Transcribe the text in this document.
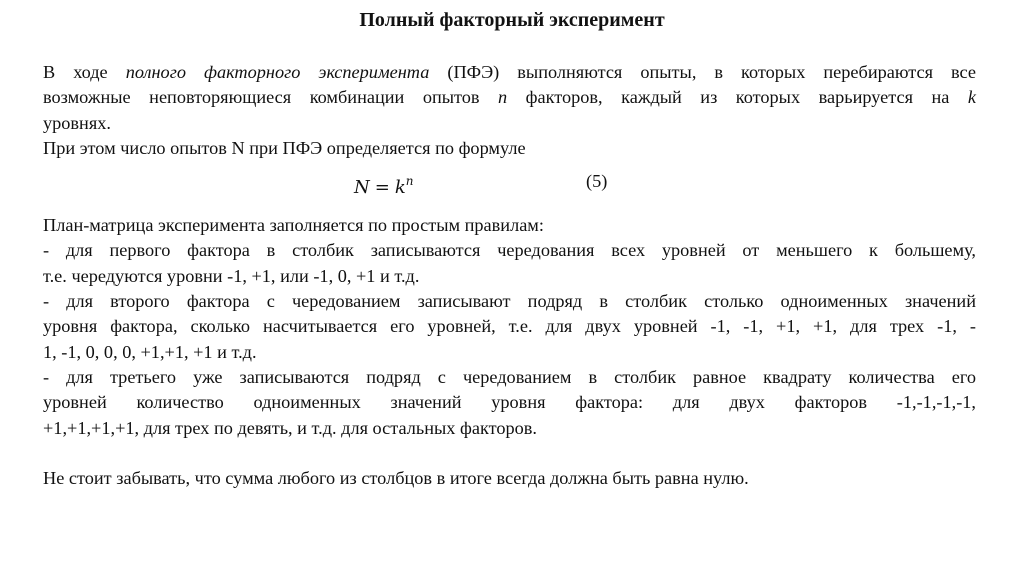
Полный факторный эксперимент

В ходе полного факторного эксперимента (ПФЭ) выполняются опыты, в которых перебираются все

возможные неповторяющиеся комбинации опытов n факторов, каждый из которых варьируется на k

уровнях.

При этом число опытов N при ПФЭ определяется по формуле

$N = k^n$	(5)

План-матрица эксперимента заполняется по простым правилам:

- для первого фактора в столбик записываются чередования всех уровней от меньшего к большему,

т.е. чередуются уровни -1, +1, или -1, 0, +1 и т.д.

- для второго фактора с чередованием записывают подряд в столбик столько одноименных значений

уровня фактора, сколько насчитывается его уровней, т.е. для двух уровней -1, -1, +1, +1, для трех -1, -

1, -1, 0, 0, 0, +1,+1, +1 и т.д.

- для третьего уже записываются подряд с чередованием в столбик равное квадрату количества его

уровней количество одноименных значений уровня фактора: для двух факторов -1,-1,-1,-1,

+1,+1,+1,+1, для трех по девять, и т.д. для остальных факторов.

Не стоит забывать, что сумма любого из столбцов в итоге всегда должна быть равна нулю.
